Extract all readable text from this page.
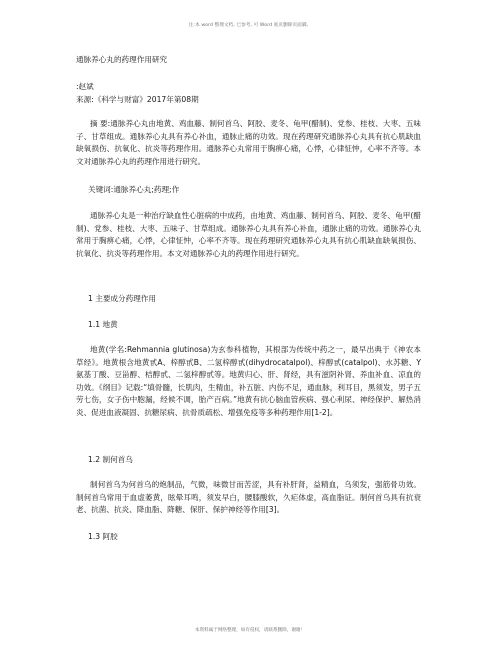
注:本 word 整理文档, 已参考, 可 Word 底页删除页面脚。

通脉养心丸的药理作用研究

:赵斌

来源:《科学与财富》2017年第08期

摘 要:通脉养心丸由地黄、鸡血藤、制何首乌、阿胶、麦冬、龟甲(醋制)、党参、桂枝、大枣、五味子、甘草组成。通脉养心丸具有养心补血，通脉止痛的功效。现在药理研究通脉养心丸具有抗心肌缺血缺氧损伤、抗氧化、抗炎等药理作用。通脉养心丸常用于胸痹心痛，心悸，心律怔忡，心率不齐等。本文对通脉养心丸的药理作用进行研究。

关键词:通脉养心丸;药理;作

通脉养心丸是一种治疗缺血性心脏病的中成药，由地黄、鸡血藤、制何首乌、阿胶、麦冬、龟甲(醋制)、党参、桂枝、大枣、五味子、甘草组成。通脉养心丸具有养心补血，通脉止痛的功效。通脉养心丸常用于胸痹心痛，心悸，心律怔忡，心率不齐等。现在药理研究通脉养心丸具有抗心肌缺血缺氧损伤、抗氧化、抗炎等药理作用。本文对通脉养心丸的药理作用进行研究。

1 主要成分药理作用

1.1 地黄

地黄(学名:Rehmannia glutinosa)为玄参科植物，其根部为传统中药之一，最早出典于《神农本草经》。地黄根含地黄甙A、梓醇甙B、二氢梓醇甙(dihydrocatalpol)、梓醇甙(catalpol)、水苏糖、Y氨基丁酸、豆甾醇、桔醇甙、二氢梓醇甙等。地黄归心、肝、肾经，具有滋阴补肾、养血补血、凉血的功效。《纲目》记载:“填骨髓，长肌肉，生精血，补五脏、内伤不足，通血脉，利耳目，黑须发，男子五劳七伤，女子伤中胞漏，经候不调，胎产百病。”地黄有抗心脑血管疾病、强心利尿、神经保护、解热消炎、促进血液凝固、抗糖尿病、抗骨质疏松、增强免疫等多种药理作用[1-2]。

1.2 制何首乌

制何首乌为何首乌的炮制品，气微，味微甘而苦涩，具有补肝肾，益精血，乌须发，强筋骨功效。制何首乌常用于血虚萎黄，眩晕耳鸣，须发早白，腰膝酸软，久疟体虚，高血脂证。制何首乌具有抗衰老、抗菌、抗炎、降血脂、降糖、保肝、保护神经等作用[3]。

1.3 阿胶

本资料属于网络整理，如有侵权，请联系删除，谢谢！
